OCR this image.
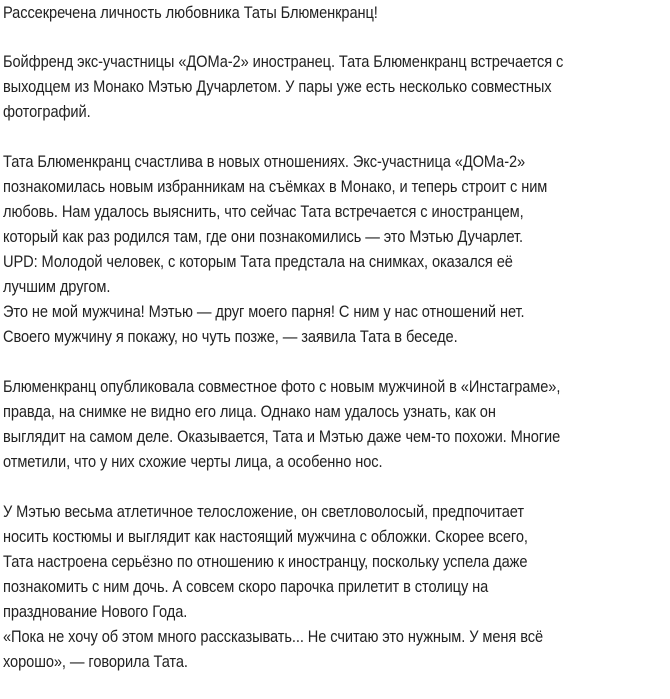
Рассекречена личность любовника Таты Блюменкранц!
Бойфренд экс-участницы «ДОМа-2» иностранец. Тата Блюменкранц встречается с
выходцем из Монако Мэтью Дучарлетом. У пары уже есть несколько совместных
фотографий.
Тата Блюменкранц счастлива в новых отношениях. Экс-участница «ДОМа-2»
познакомилась новым избранникам на съёмках в Монако, и теперь строит с ним
любовь. Нам удалось выяснить, что сейчас Тата встречается с иностранцем,
который как раз родился там, где они познакомились — это Мэтью Дучарлет.
UPD: Молодой человек, с которым Тата предстала на снимках, оказался её
лучшим другом.
Это не мой мужчина! Мэтью — друг моего парня! С ним у нас отношений нет.
Своего мужчину я покажу, но чуть позже, — заявила Тата в беседе.
Блюменкранц опубликовала совместное фото с новым мужчиной в «Инстаграме»,
правда, на снимке не видно его лица. Однако нам удалось узнать, как он
выглядит на самом деле. Оказывается, Тата и Мэтью даже чем-то похожи. Многие
отметили, что у них схожие черты лица, а особенно нос.
У Мэтью весьма атлетичное телосложение, он светловолосый, предпочитает
носить костюмы и выглядит как настоящий мужчина с обложки. Скорее всего,
Тата настроена серьёзно по отношению к иностранцу, поскольку успела даже
познакомить с ним дочь. А совсем скоро парочка прилетит в столицу на
празднование Нового Года.
«Пока не хочу об этом много рассказывать... Не считаю это нужным. У меня всё
хорошо», — говорила Тата.
